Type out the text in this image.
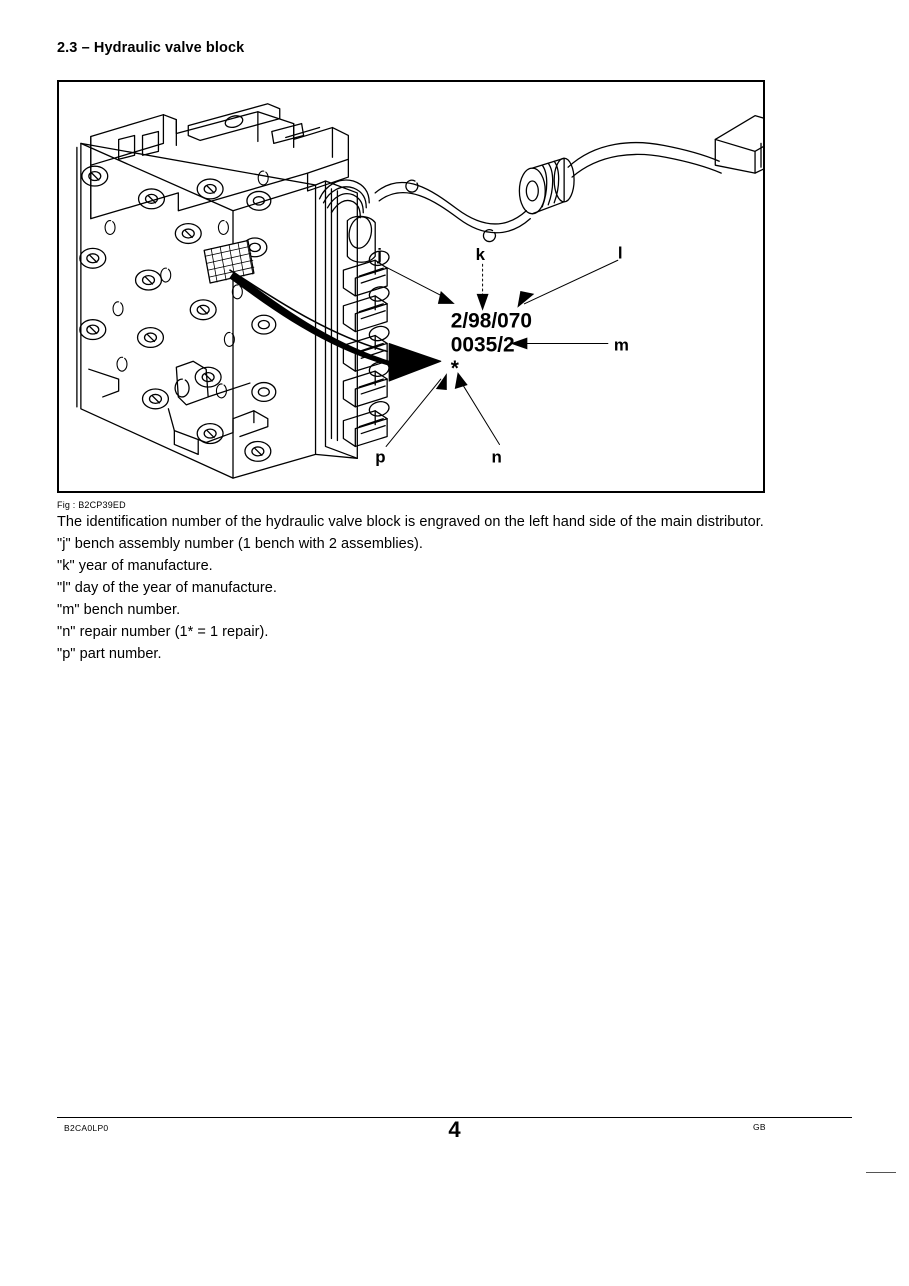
2.3 – Hydraulic valve block
2/98/070
0035/2
*
j	k	l
m
n
p
Fig : B2CP39ED
The identification number of the hydraulic valve block is engraved on the left hand side of the main distributor.
"j" bench assembly number (1 bench with 2 assemblies).
"k" year of manufacture.
"l" day of the year of manufacture.
"m" bench number.
"n" repair number (1* = 1 repair).
"p" part number.
B2CA0LP0	4	GB
